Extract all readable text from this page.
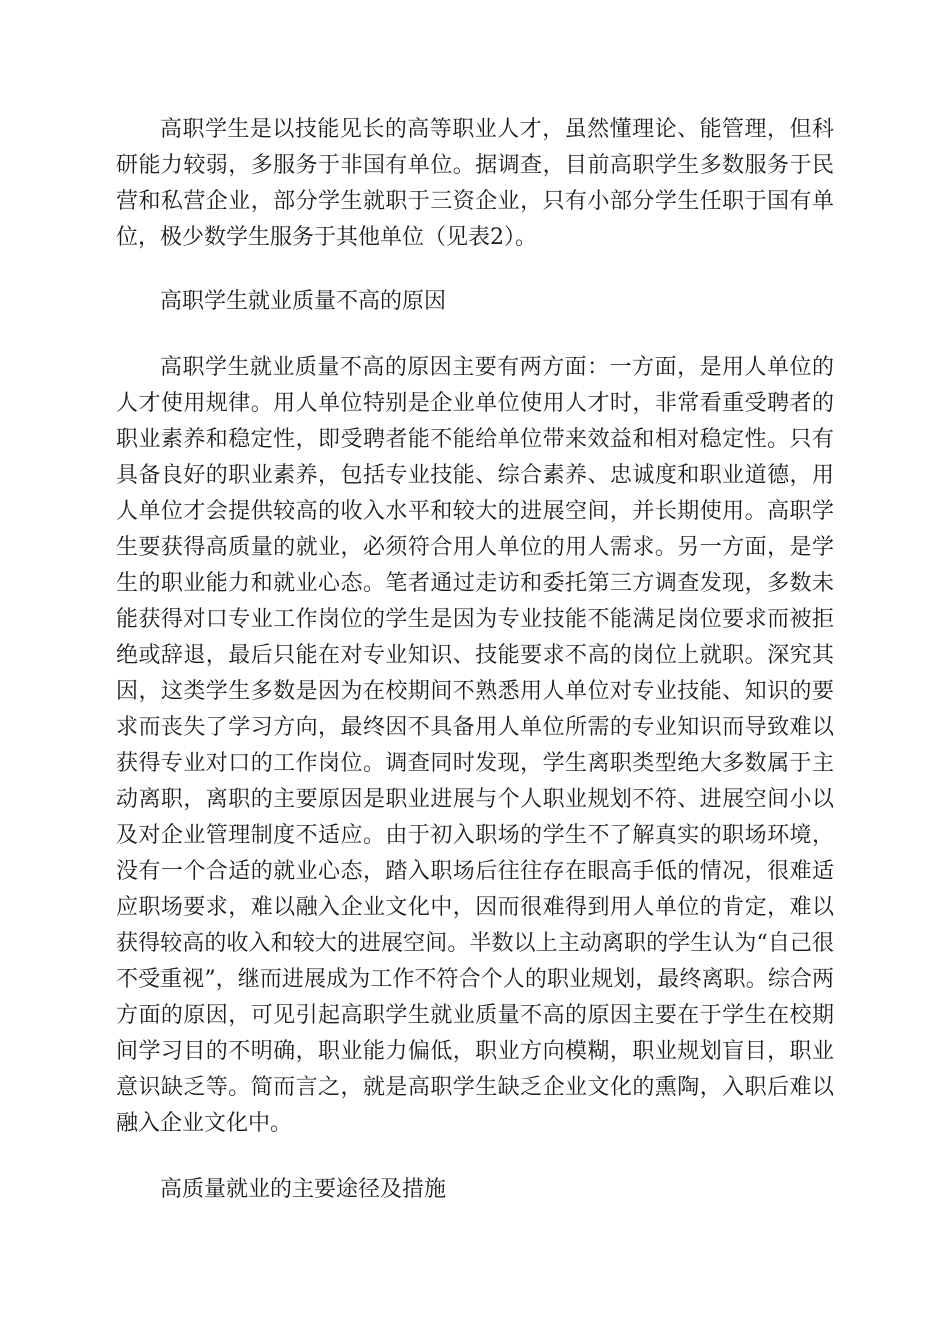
高职学生是以技能见长的高等职业人才，虽然懂理论、能管理，但科研能力较弱，多服务于非国有单位。据调查，目前高职学生多数服务于民营和私营企业，部分学生就职于三资企业，只有小部分学生任职于国有单位，极少数学生服务于其他单位（见表2）。

高职学生就业质量不高的原因

高职学生就业质量不高的原因主要有两方面：一方面，是用人单位的人才使用规律。用人单位特别是企业单位使用人才时，非常看重受聘者的职业素养和稳定性，即受聘者能不能给单位带来效益和相对稳定性。只有具备良好的职业素养，包括专业技能、综合素养、忠诚度和职业道德，用人单位才会提供较高的收入水平和较大的进展空间，并长期使用。高职学生要获得高质量的就业，必须符合用人单位的用人需求。另一方面，是学生的职业能力和就业心态。笔者通过走访和委托第三方调查发现，多数未能获得对口专业工作岗位的学生是因为专业技能不能满足岗位要求而被拒绝或辞退，最后只能在对专业知识、技能要求不高的岗位上就职。深究其因，这类学生多数是因为在校期间不熟悉用人单位对专业技能、知识的要求而丧失了学习方向，最终因不具备用人单位所需的专业知识而导致难以获得专业对口的工作岗位。调查同时发现，学生离职类型绝大多数属于主动离职，离职的主要原因是职业进展与个人职业规划不符、进展空间小以及对企业管理制度不适应。由于初入职场的学生不了解真实的职场环境，没有一个合适的就业心态，踏入职场后往往存在眼高手低的情况，很难适应职场要求，难以融入企业文化中，因而很难得到用人单位的肯定，难以获得较高的收入和较大的进展空间。半数以上主动离职的学生认为“自己很不受重视”，继而进展成为工作不符合个人的职业规划，最终离职。综合两方面的原因，可见引起高职学生就业质量不高的原因主要在于学生在校期间学习目的不明确，职业能力偏低，职业方向模糊，职业规划盲目，职业意识缺乏等。简而言之，就是高职学生缺乏企业文化的熏陶，入职后难以融入企业文化中。

高质量就业的主要途径及措施
